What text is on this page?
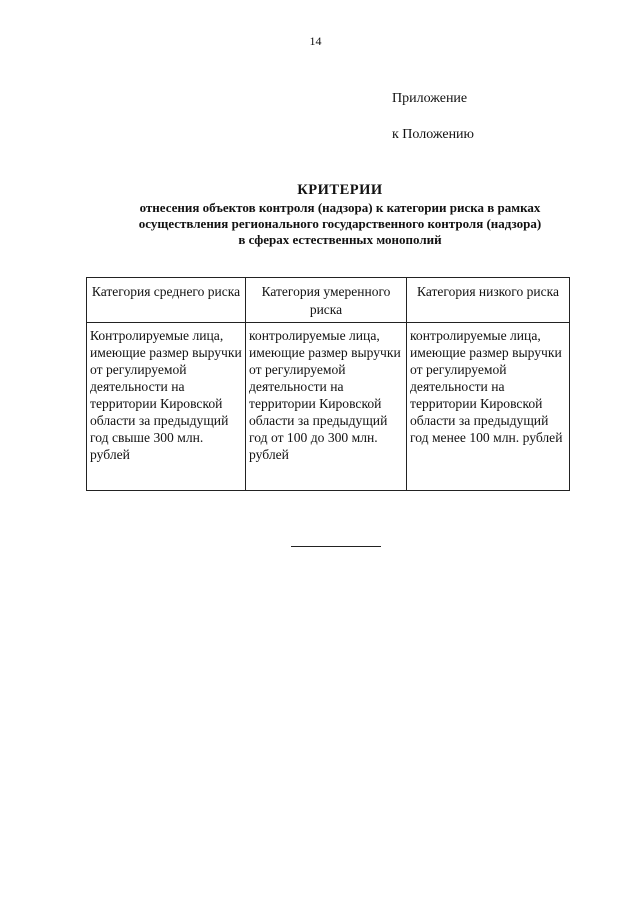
14
Приложение
к Положению
КРИТЕРИИ
отнесения объектов контроля (надзора) к категории риска в рамках
осуществления регионального государственного контроля (надзора)
в сферах естественных монополий
Категория среднего риска	Категория умеренного риска	Категория низкого риска
Контролируемые лица, имеющие размер выручки от регулируемой деятельности на территории Кировской области за предыдущий год свыше 300 млн. рублей	контролируемые лица, имеющие размер выручки от регулируемой деятельности на территории Кировской области за предыдущий год от 100 до 300 млн. рублей	контролируемые лица, имеющие размер выручки от регулируемой деятельности на территории Кировской области за предыдущий год менее 100 млн. рублей
